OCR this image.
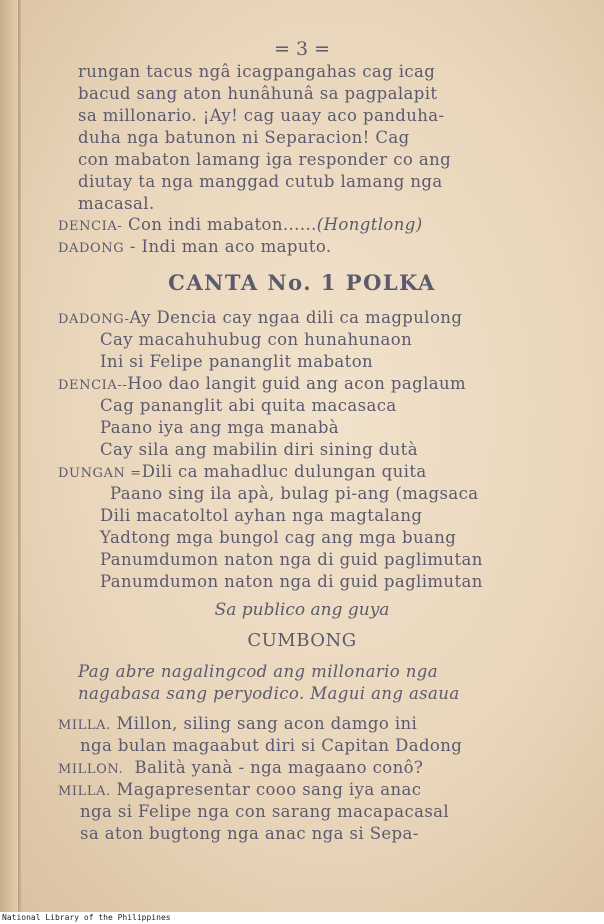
= 3 =
rungan tacus ngâ icagpangahas cag icag
bacud sang aton hunâhunâ sa pagpalapit
sa millonario. ¡Ay! cag uaay aco panduha-
duha nga batunon ni Separacion! Cag
con mabaton lamang iga responder co ang
diutay ta nga manggad cutub lamang nga
macasal.
DENCIA- Con indi mabaton......(Hongtlong)
DADONG - Indi man aco maputo.
CANTA No. 1 POLKA
DADONG-Ay Dencia cay ngaa dili ca magpulong
Cay macahuhubug con hunahunaon
Ini si Felipe pananglit mabaton
DENCIA--Hoo dao langit guid ang acon paglaum
Cag pananglit abi quita macasaca
Paano iya ang mga manabà
Cay sila ang mabilin diri sining dutà
DUNGAN =Dili ca mahadluc dulungan quita
Paano sing ila apà, bulag pi-ang (magsaca
Dili macatoltol ayhan nga magtalang
Yadtong mga bungol cag ang mga buang
Panumdumon naton nga di guid paglimutan
Panumdumon naton nga di guid paglimutan
Sa publico ang guya
CUMBONG
Pag abre nagalingcod ang millonario nga
nagabasa sang peryodico. Magui ang asaua
MILLA. Millon, siling sang acon damgo ini
nga bulan magaabut diri si Capitan Dadong
MILLON. Balità yanà - nga magaano conô?
MILLA. Magapresentar cooo sang iya anac
nga si Felipe nga con sarang macapacasal
sa aton bugtong nga anac nga si Sepa-
National Library of the Philippines
